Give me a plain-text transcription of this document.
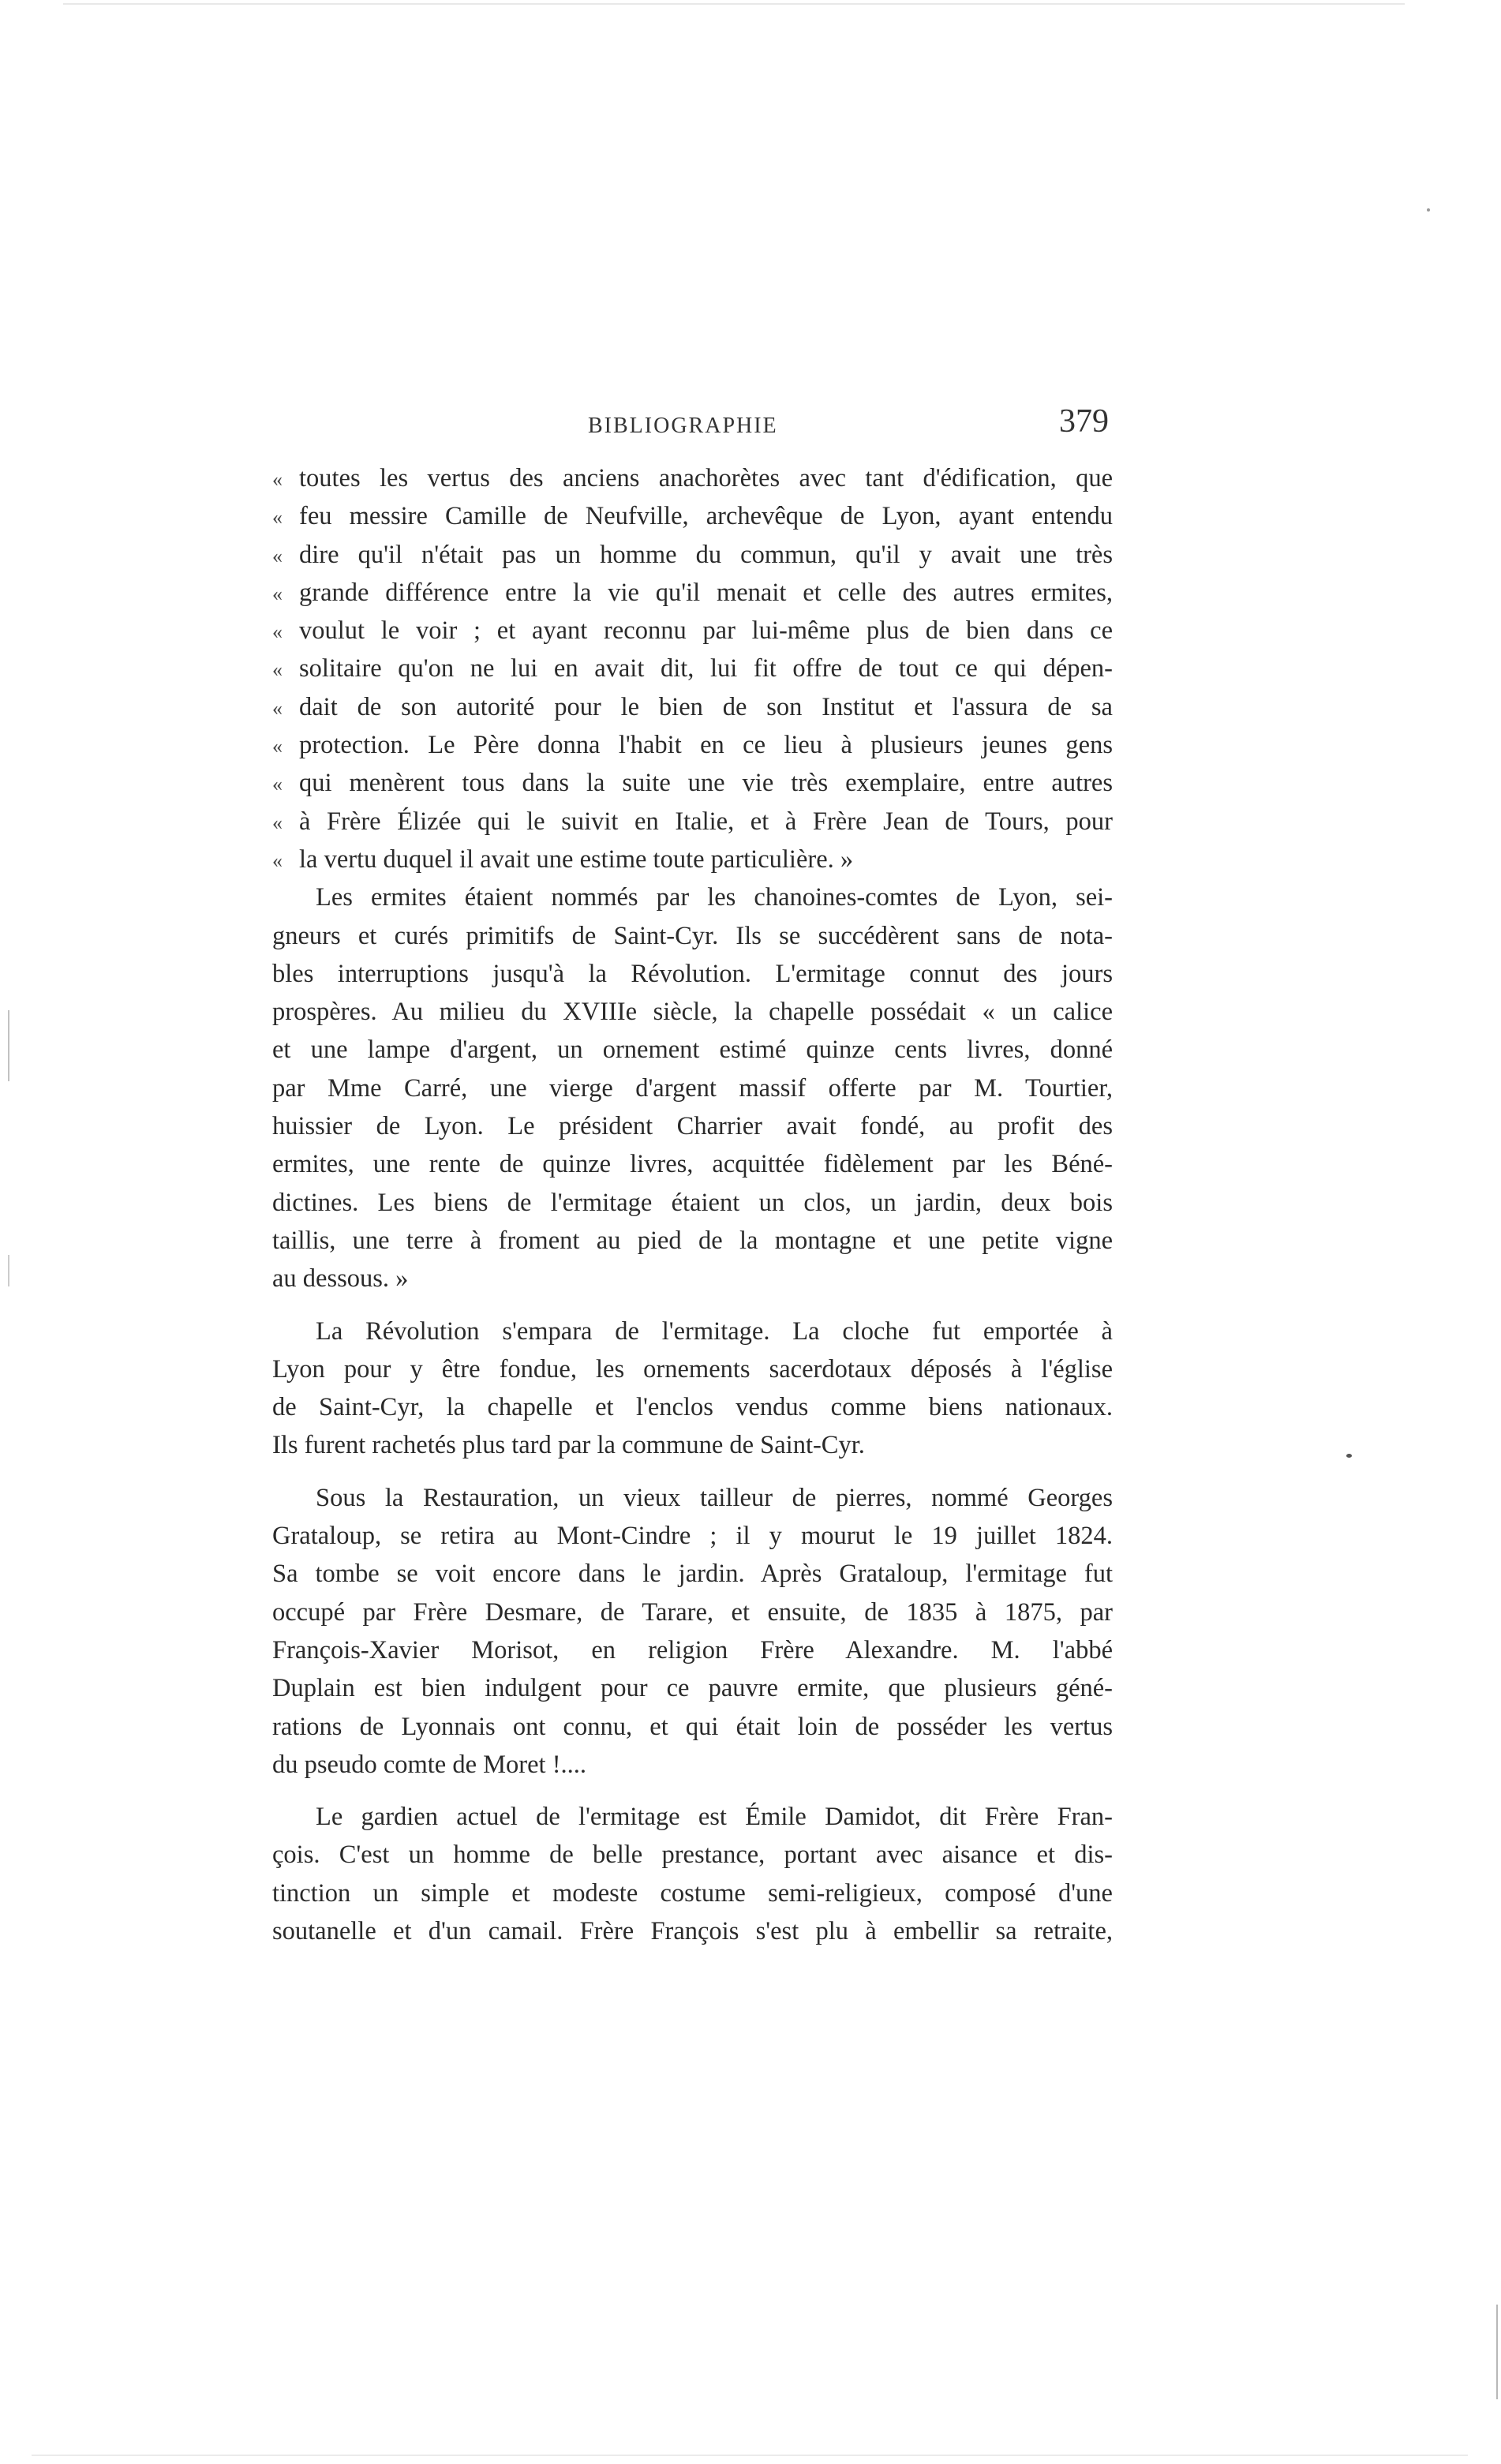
BIBLIOGRAPHIE	379
« toutes les vertus des anciens anachorètes avec tant d'édification, que
« feu messire Camille de Neufville, archevêque de Lyon, ayant entendu
« dire qu'il n'était pas un homme du commun, qu'il y avait une très
« grande différence entre la vie qu'il menait et celle des autres ermites,
« voulut le voir ; et ayant reconnu par lui-même plus de bien dans ce
« solitaire qu'on ne lui en avait dit, lui fit offre de tout ce qui dépen-
« dait de son autorité pour le bien de son Institut et l'assura de sa
« protection. Le Père donna l'habit en ce lieu à plusieurs jeunes gens
« qui menèrent tous dans la suite une vie très exemplaire, entre autres
« à Frère Élizée qui le suivit en Italie, et à Frère Jean de Tours, pour
« la vertu duquel il avait une estime toute particulière. »
Les ermites étaient nommés par les chanoines-comtes de Lyon, sei-
gneurs et curés primitifs de Saint-Cyr. Ils se succédèrent sans de nota-
bles interruptions jusqu'à la Révolution. L'ermitage connut des jours
prospères. Au milieu du XVIIIe siècle, la chapelle possédait « un calice
et une lampe d'argent, un ornement estimé quinze cents livres, donné
par Mme Carré, une vierge d'argent massif offerte par M. Tourtier,
huissier de Lyon. Le président Charrier avait fondé, au profit des
ermites, une rente de quinze livres, acquittée fidèlement par les Béné-
dictines. Les biens de l'ermitage étaient un clos, un jardin, deux bois
taillis, une terre à froment au pied de la montagne et une petite vigne
au dessous. »
La Révolution s'empara de l'ermitage. La cloche fut emportée à
Lyon pour y être fondue, les ornements sacerdotaux déposés à l'église
de Saint-Cyr, la chapelle et l'enclos vendus comme biens nationaux.
Ils furent rachetés plus tard par la commune de Saint-Cyr.
Sous la Restauration, un vieux tailleur de pierres, nommé Georges
Grataloup, se retira au Mont-Cindre ; il y mourut le 19 juillet 1824.
Sa tombe se voit encore dans le jardin. Après Grataloup, l'ermitage fut
occupé par Frère Desmare, de Tarare, et ensuite, de 1835 à 1875, par
François-Xavier Morisot, en religion Frère Alexandre. M. l'abbé
Duplain est bien indulgent pour ce pauvre ermite, que plusieurs géné-
rations de Lyonnais ont connu, et qui était loin de posséder les vertus
du pseudo comte de Moret !....
Le gardien actuel de l'ermitage est Émile Damidot, dit Frère Fran-
çois. C'est un homme de belle prestance, portant avec aisance et dis-
tinction un simple et modeste costume semi-religieux, composé d'une
soutanelle et d'un camail. Frère François s'est plu à embellir sa retraite,
